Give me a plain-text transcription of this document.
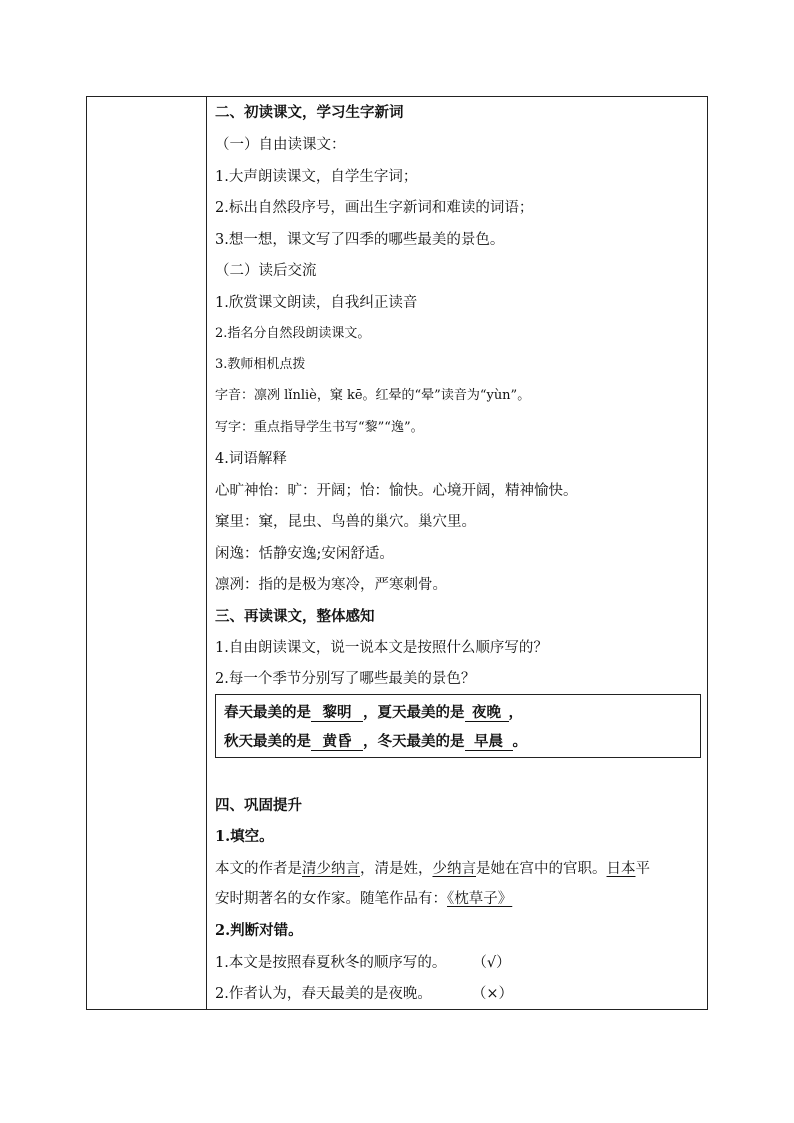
二、初读课文，学习生字新词
（一）自由读课文：
1.大声朗读课文，自学生字词；
2.标出自然段序号，画出生字新词和难读的词语；
3.想一想，课文写了四季的哪些最美的景色。
（二）读后交流
1.欣赏课文朗读，自我纠正读音
2.指名分自然段朗读课文。
3.教师相机点拨
字音：凛冽 lǐnliè，窠 kē。红晕的“晕”读音为“yùn”。
写字：重点指导学生书写“黎”“逸”。
4.词语解释
心旷神怡：旷：开阔；怡：愉快。心境开阔，精神愉快。
窠里：窠，昆虫、鸟兽的巢穴。巢穴里。
闲逸：恬静安逸;安闲舒适。
凛冽：指的是极为寒冷，严寒刺骨。
三、再读课文，整体感知
1.自由朗读课文，说一说本文是按照什么顺序写的？
2.每一个季节分别写了哪些最美的景色？
春天最美的是 黎明 ，夏天最美的是 夜晚 ，
秋天最美的是 黄昏 ，冬天最美的是 早晨 。
四、巩固提升
1.填空。
本文的作者是清少纳言，清是姓，少纳言是她在宫中的官职。日本平
安时期著名的女作家。随笔作品有：《枕草子》
2.判断对错。
1.本文是按照春夏秋冬的顺序写的。 （√）
2.作者认为，春天最美的是夜晚。	（×）
